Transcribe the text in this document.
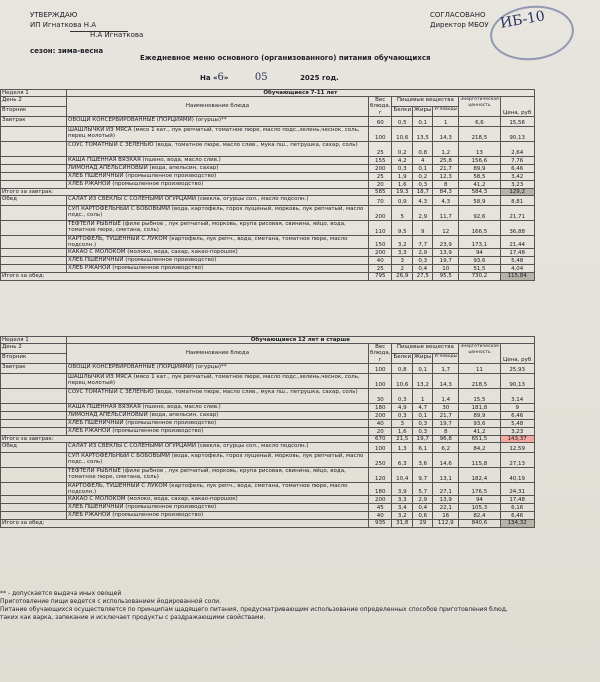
УТВЕРЖДАЮ
ИП Игнаткова Н.А
Н.А Игнаткова
сезон: зима-весна
СОГЛАСОВАНО
Директор МБОУ ИБ-10
Ежедневное меню основного (организованного) питания обучающихся
На «6»	05	2025 год.
Неделя 1	Обучающиеся 7-11 лет						
День 2	Наименование блюда	Вес блюда, г	Пищевые вещества			Энергетическая ценность	Цена, руб
Вторник			Белки	Жиры	Углеводы		
Завтрак	ОВОЩИ КОНСЕРВИРОВАННЫЕ (ПОРЦИЯМИ) (огурцы)**	60	0,5	0,1	1	6,6	15,56
	ШАШЛЫЧКИ ИЗ МЯСА (мясо 1 кат., лук репчатый, томатное пюре, масло подс.,зелень,чеснок, соль, перец молотый)	100	10,6	13,5	14,3	218,5	90,13
	СОУС ТОМАТНЫЙ С ЗЕЛЕНЬЮ (вода, томатное пюре, масло слив., мука пш., петрушка, сахар, соль)	25	0,2	0,8	1,2	13	2,64
	КАША ПШЕННАЯ ВЯЗКАЯ (пшено, вода, масло слив.)	155	4,2	4	25,8	156,6	7,76
	ЛИМОНАД АПЕЛЬСИНОВЫЙ (вода, апельсин, сахар)	200	0,3	0,1	21,7	89,9	6,46
	ХЛЕБ ПШЕНИЧНЫЙ (промышленное производство)	25	1,9	0,2	12,3	58,5	3,42
	ХЛЕБ РЖАНОЙ (промышленное производство)	20	1,6	0,3	8	41,2	3,23
Итого за завтрак:		585	19,3	18,7	84,3	584,3	129,2
Обед	САЛАТ ИЗ СВЁКЛЫ С СОЛЕНЫМИ ОГУРЦАМИ (свекла, огурцы сол., масло подсолн.)	70	0,9	4,3	4,3	58,9	8,81
	СУП КАРТОФЕЛЬНЫЙ С БОБОВЫМИ (вода, картофель, горох лущеный, морковь, лук репчатый, масло подс., соль)	200	5	2,9	11,7	92,6	21,71
	ТЕФТЕЛИ РЫБНЫЕ (филе рыбное , лук репчатый, морковь, крупа рисовая, свинина, яйцо, вода, томатное пюре, сметана, соль)	110	9,5	9	12	166,5	36,88
	КАРТОФЕЛЬ, ТУШЕННЫЙ С ЛУКОМ (картофель, лук репч., вода, сметана, томатное пюре, масло подсолн.)	150	3,2	7,7	23,9	173,1	21,44
	КАКАО С МОЛОКОМ (молоко, вода, сахар, какао-порошок)	200	3,3	2,9	13,9	94	17,48
	ХЛЕБ ПШЕНИЧНЫЙ (промышленное производство)	40	3	0,3	19,7	93,6	5,48
	ХЛЕБ РЖАНОЙ (промышленное производство)	25	2	0,4	10	51,5	4,04
Итого за обед:		795	26,9	27,5	95,5	730,2	115,84
Неделя 1	Обучающиеся 12 лет и старше						
День 2	Наименование блюда	Вес блюда, г	Пищевые вещества			Энергетическая ценность	Цена, руб
Вторник			Белки	Жиры	Углеводы		
Завтрак	ОВОЩИ КОНСЕРВИРОВАННЫЕ (ПОРЦИЯМИ) (огурцы)**	100	0,8	0,1	1,7	11	25,93
	ШАШЛЫЧКИ ИЗ МЯСА (мясо 1 кат., лук репчатый, томатное пюре, масло подс.,зелень,чеснок, соль, перец молотый)	100	10,6	13,2	14,3	218,5	90,13
	СОУС ТОМАТНЫЙ С ЗЕЛЕНЬЮ (вода, томатное пюре, масло слив., мука пш., петрушка, сахар, соль)	30	0,3	1	1,4	15,5	3,14
	КАША ПШЕННАЯ ВЯЗКАЯ (пшено, вода, масло слив.)	180	4,9	4,7	30	181,8	9
	ЛИМОНАД АПЕЛЬСИНОВЫЙ (вода, апельсин, сахар)	200	0,3	0,1	21,7	89,9	6,46
	ХЛЕБ ПШЕНИЧНЫЙ (промышленное производство)	40	3	0,3	19,7	93,6	5,48
	ХЛЕБ РЖАНОЙ (промышленное производство)	20	1,6	0,3	8	41,2	3,23
Итого за завтрак:		670	21,5	19,7	96,8	651,5	143,37
Обед	САЛАТ ИЗ СВЁКЛЫ С СОЛЕНЫМИ ОГУРЦАМИ (свекла, огурцы сол., масло подсолн.)	100	1,3	6,1	6,2	84,2	12,59
	СУП КАРТОФЕЛЬНЫЙ С БОБОВЫМИ (вода, картофель, горох лущеный, морковь, лук репчатый, масло подс., соль)	250	6,3	3,6	14,6	115,8	27,13
	ТЕФТЕЛИ РЫБНЫЕ (филе рыбное , лук репчатый, морковь, крупа рисовая, свинина, яйцо, вода, томатное пюре, сметана, соль)	120	10,4	9,7	13,1	182,4	40,19
	КАРТОФЕЛЬ, ТУШЕННЫЙ С ЛУКОМ (картофель, лук репч., вода, сметана, томатное пюре, масло подсолн.)	180	3,9	5,7	27,1	176,5	24,31
	КАКАО С МОЛОКОМ (молоко, вода, сахар, какао-порошок)	200	3,3	2,9	13,9	94	17,48
	ХЛЕБ ПШЕНИЧНЫЙ (промышленное производство)	45	3,4	0,4	22,1	105,3	6,16
	ХЛЕБ РЖАНОЙ (промышленное производство)	40	3,2	0,6	16	82,4	6,46
Итого за обед:		935	31,8	29	112,9	840,6	134,32
** - допускается выдача иных овощей
Приготовление пищи ведется с использованием йодированной соли.
Питание обучающихся осуществляется по принципам щадящего питания, предусматривающим использование определенных способов приготовления блюд,
таких как варка, запекание и исключает продукты с раздражающими свойствами.
